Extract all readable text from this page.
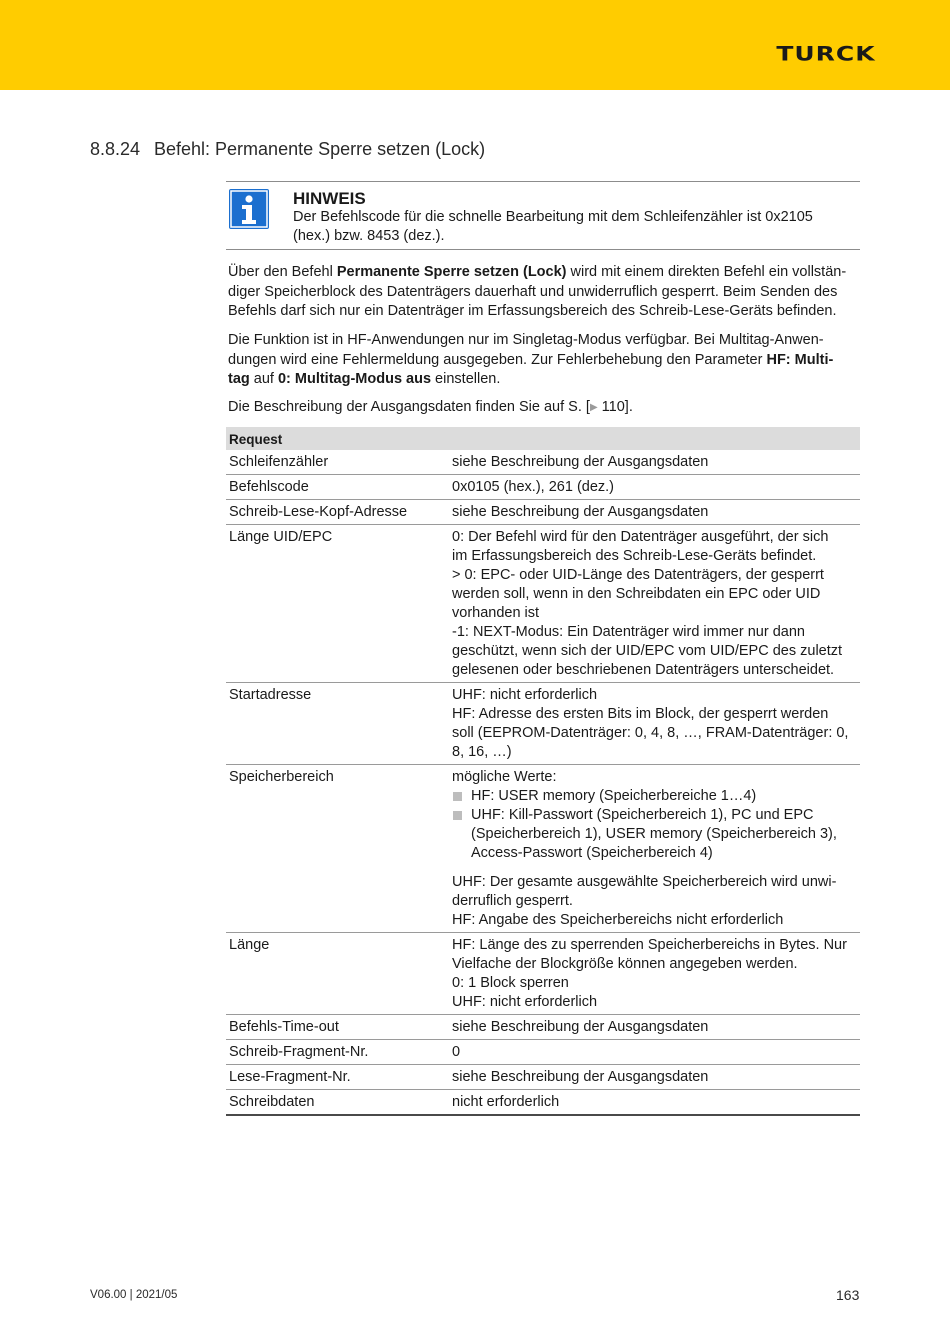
TURCK
8.8.24 Befehl: Permanente Sperre setzen (Lock)
HINWEIS
Der Befehlscode für die schnelle Bearbeitung mit dem Schleifenzähler ist 0x2105 (hex.) bzw. 8453 (dez.).
Über den Befehl Permanente Sperre setzen (Lock) wird mit einem direkten Befehl ein vollstän-
diger Speicherblock des Datenträgers dauerhaft und unwiderruflich gesperrt. Beim Senden des
Befehls darf sich nur ein Datenträger im Erfassungsbereich des Schreib-Lese-Geräts befinden.
Die Funktion ist in HF-Anwendungen nur im Singletag-Modus verfügbar. Bei Multitag-Anwen-
dungen wird eine Fehlermeldung ausgegeben. Zur Fehlerbehebung den Parameter HF: Multi-
tag auf 0: Multitag-Modus aus einstellen.
Die Beschreibung der Ausgangsdaten finden Sie auf S. [▶ 110].
Request
Schleifenzähler	siehe Beschreibung der Ausgangsdaten
Befehlscode	0x0105 (hex.), 261 (dez.)
Schreib-Lese-Kopf-Adresse	siehe Beschreibung der Ausgangsdaten
Länge UID/EPC	0: Der Befehl wird für den Datenträger ausgeführt, der sich
im Erfassungsbereich des Schreib-Lese-Geräts befindet.
> 0: EPC- oder UID-Länge des Datenträgers, der gesperrt
werden soll, wenn in den Schreibdaten ein EPC oder UID
vorhanden ist
-1: NEXT-Modus: Ein Datenträger wird immer nur dann
geschützt, wenn sich der UID/EPC vom UID/EPC des zuletzt
gelesenen oder beschriebenen Datenträgers unterscheidet.
Startadresse	UHF: nicht erforderlich
HF: Adresse des ersten Bits im Block, der gesperrt werden
soll (EEPROM-Datenträger: 0, 4, 8, …, FRAM-Datenträger: 0,
8, 16, …)
Speicherbereich	mögliche Werte:
HF: USER memory (Speicherbereiche 1…4)
UHF: Kill-Passwort (Speicherbereich 1), PC und EPC
(Speicherbereich 1), USER memory (Speicherbereich 3),
Access-Passwort (Speicherbereich 4)
UHF: Der gesamte ausgewählte Speicherbereich wird unwi-
derruflich gesperrt.
HF: Angabe des Speicherbereichs nicht erforderlich
Länge	HF: Länge des zu sperrenden Speicherbereichs in Bytes. Nur
Vielfache der Blockgröße können angegeben werden.
0: 1 Block sperren
UHF: nicht erforderlich
Befehls-Time-out	siehe Beschreibung der Ausgangsdaten
Schreib-Fragment-Nr.	0
Lese-Fragment-Nr.	siehe Beschreibung der Ausgangsdaten
Schreibdaten	nicht erforderlich
V06.00 | 2021/05	163
